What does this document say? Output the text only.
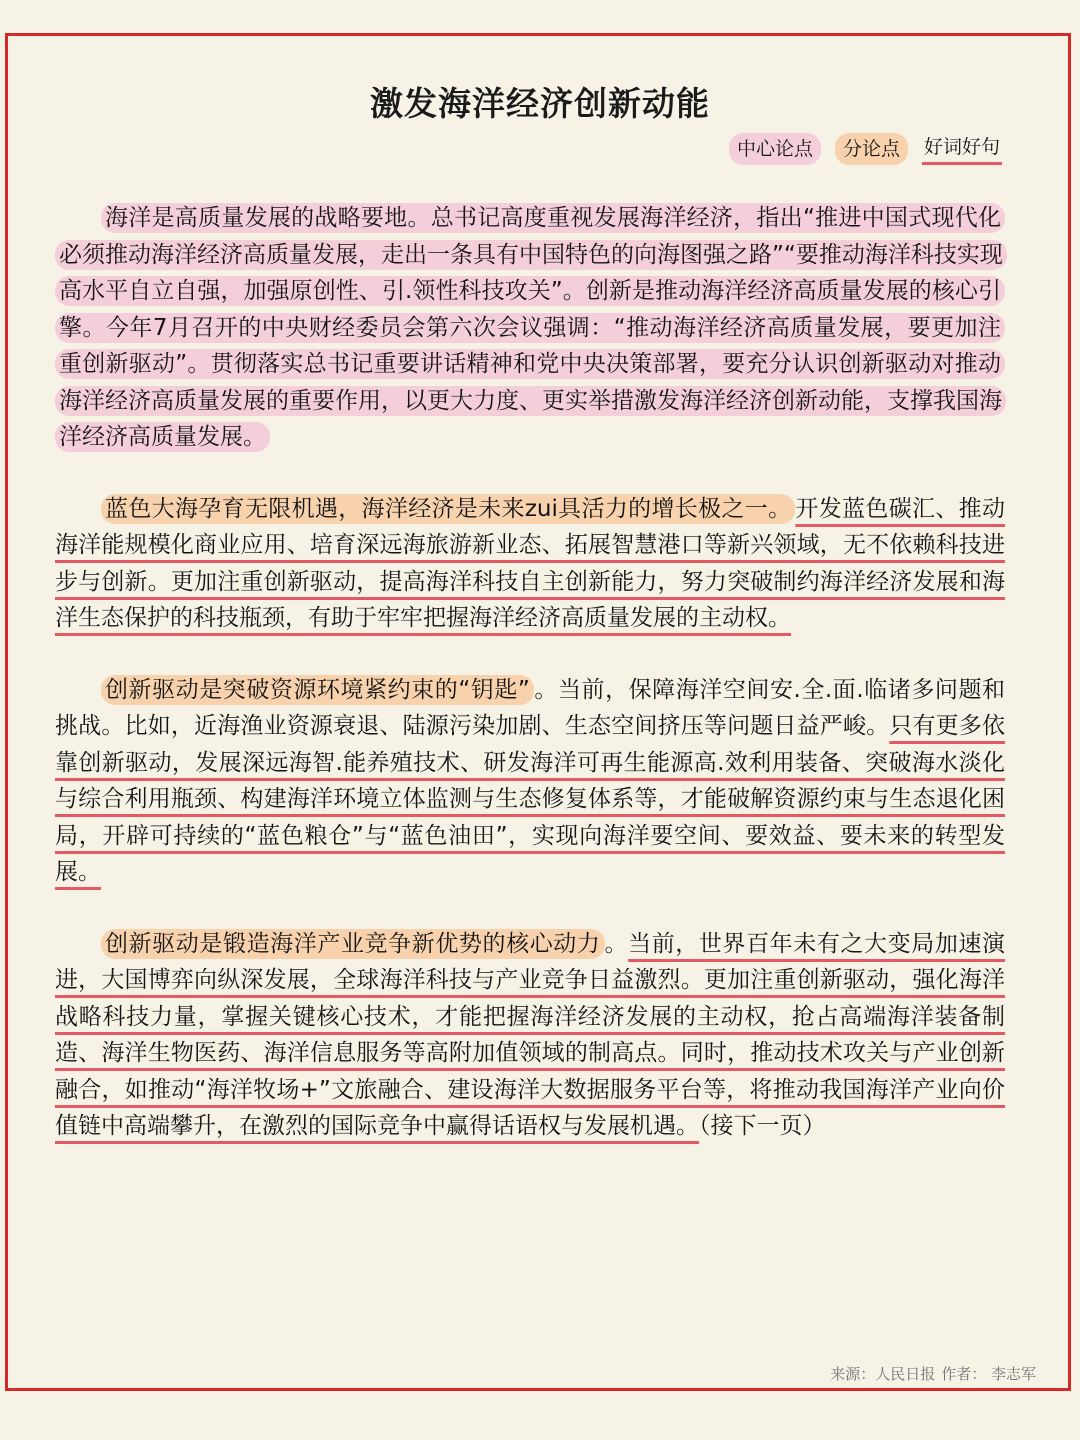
激发海洋经济创新动能
中心论点	分论点	好词好句

海洋是高质量发展的战略要地。总书记高度重视发展海洋经济，指出“推进中国式现代化必须推动海洋经济高质量发展，走出一条具有中国特色的向海图强之路”“要推动海洋科技实现高水平自立自强，加强原创性、引.领性科技攻关”。创新是推动海洋经济高质量发展的核心引擎。今年7月召开的中央财经委员会第六次会议强调：“推动海洋经济高质量发展，要更加注重创新驱动”。贯彻落实总书记重要讲话精神和党中央决策部署，要充分认识创新驱动对推动海洋经济高质量发展的重要作用，以更大力度、更实举措激发海洋经济创新动能，支撑我国海洋经济高质量发展。

蓝色大海孕育无限机遇，海洋经济是未来zui具活力的增长极之一。 开发蓝色碳汇、推动海洋能规模化商业应用、培育深远海旅游新业态、拓展智慧港口等新兴领域，无不依赖科技进步与创新。更加注重创新驱动，提高海洋科技自主创新能力，努力突破制约海洋经济发展和海洋生态保护的科技瓶颈，有助于牢牢把握海洋经济高质量发展的主动权。

创新驱动是突破资源环境紧约束的“钥匙” 。当前，保障海洋空间安.全.面.临诸多问题和挑战。比如，近海渔业资源衰退、陆源污染加剧、生态空间挤压等问题日益严峻。只有更多依靠创新驱动，发展深远海智.能养殖技术、研发海洋可再生能源高.效利用装备、突破海水淡化与综合利用瓶颈、构建海洋环境立体监测与生态修复体系等，才能破解资源约束与生态退化困局，开辟可持续的“蓝色粮仓”与“蓝色油田”，实现向海洋要空间、要效益、要未来的转型发展。

创新驱动是锻造海洋产业竞争新优势的核心动力 。当前，世界百年未有之大变局加速演进，大国博弈向纵深发展，全球海洋科技与产业竞争日益激烈。更加注重创新驱动，强化海洋战略科技力量，掌握关键核心技术，才能把握海洋经济发展的主动权，抢占高端海洋装备制造、海洋生物医药、海洋信息服务等高附加值领域的制高点。同时，推动技术攻关与产业创新融合，如推动“海洋牧场+”文旅融合、建设海洋大数据服务平台等，将推动我国海洋产业向价值链中高端攀升，在激烈的国际竞争中赢得话语权与发展机遇。（接下一页）

来源：人民日报 作者： 李志军
